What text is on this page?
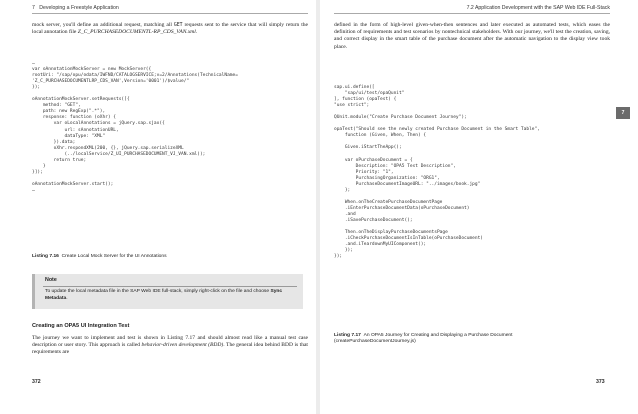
7 Developing a Freestyle Application

mock server, you'll define an additional request, matching all GET requests sent to the service that will simply return the local annotation file Z_C_PURCHASEDOCUMENTL-RP_CDS_VAN.xml.

…
var oAnnotationMockServer = new MockServer({
rootUri: "/sap/opu/odata/IWFND/CATALOGSERVICE;v=2/Annotations(TechnicalName=
'Z_C_PURCHASEDOCUMENTLRP_CDS_VAN',Version='0001')/$value/"
});

oAnnotationMockServer.setRequests([{
method: "GET",
path: new RegExp(".*"),
response: function (oXhr) {
var oLocalAnnotations = jQuery.sap.sjax({
url: sAnnotationURL,
dataType: "XML"
}).data;
oXhr.respondXML(200, {}, jQuery.sap.serializeXML
(../localService/Z_UI_PURCHASEDOCUMENT_VJ_VAN.xml));
return true;
}
}]);

oAnnotationMockServer.start();
…

Listing 7.16 Create Local Mock Server for the UI Annotations

Note
To update the local metadata file in the SAP Web IDE full-stack, simply right-click on the file and choose Sync Metadata.
Creating an OPA5 UI Integration Test

The journey we want to implement and test is shown in Listing 7.17 and should almost read like a manual test case description or user story. This approach is called behavior-driven development (BDD). The general idea behind BDD is that requirements are

372
7.2 Application Development with the SAP Web IDE Full-Stack

defined in the form of high-level given-when-then sentences and later executed as automated tests, which eases the definition of requirements and test scenarios by nontechnical stakeholders. With our journey, we'll test the creation, saving, and correct display in the smart table of the purchase document after the automatic navigation to the display view took place.

sap.ui.define([
"sap/ui/test/opaQunit"
], function (opaTest) {
"use strict";

QUnit.module("Create Purchase Document Journey");

opaTest("Should see the newly created Purchase Document in the Smart Table",
function (Given, When, Then) {

Given.iStartTheApp();

var oPurchaseDocument = {
Description: "OPA5 Test Description",
Priority: "1",
PurchasingOrganization: "ORG1",
PurchaseDocumentImageURL: "../images/book.jpg"
};

When.onTheCreatePurchaseDocumentPage
.iEnterPurchaseDocumentData(oPurchaseDocument)
.and
.iSavePurchaseDocument();

Then.onTheDisplayPurchaseDocumentsPage
.iCheckPurchaseDocumentIsInTable(oPurchaseDocument)
.and.iTeardownMyUIComponent();
});
});

Listing 7.17 An OPA5 Journey for Creating and Displaying a Purchase Document (createPurchaseDocumentJourney.js)

7
373
